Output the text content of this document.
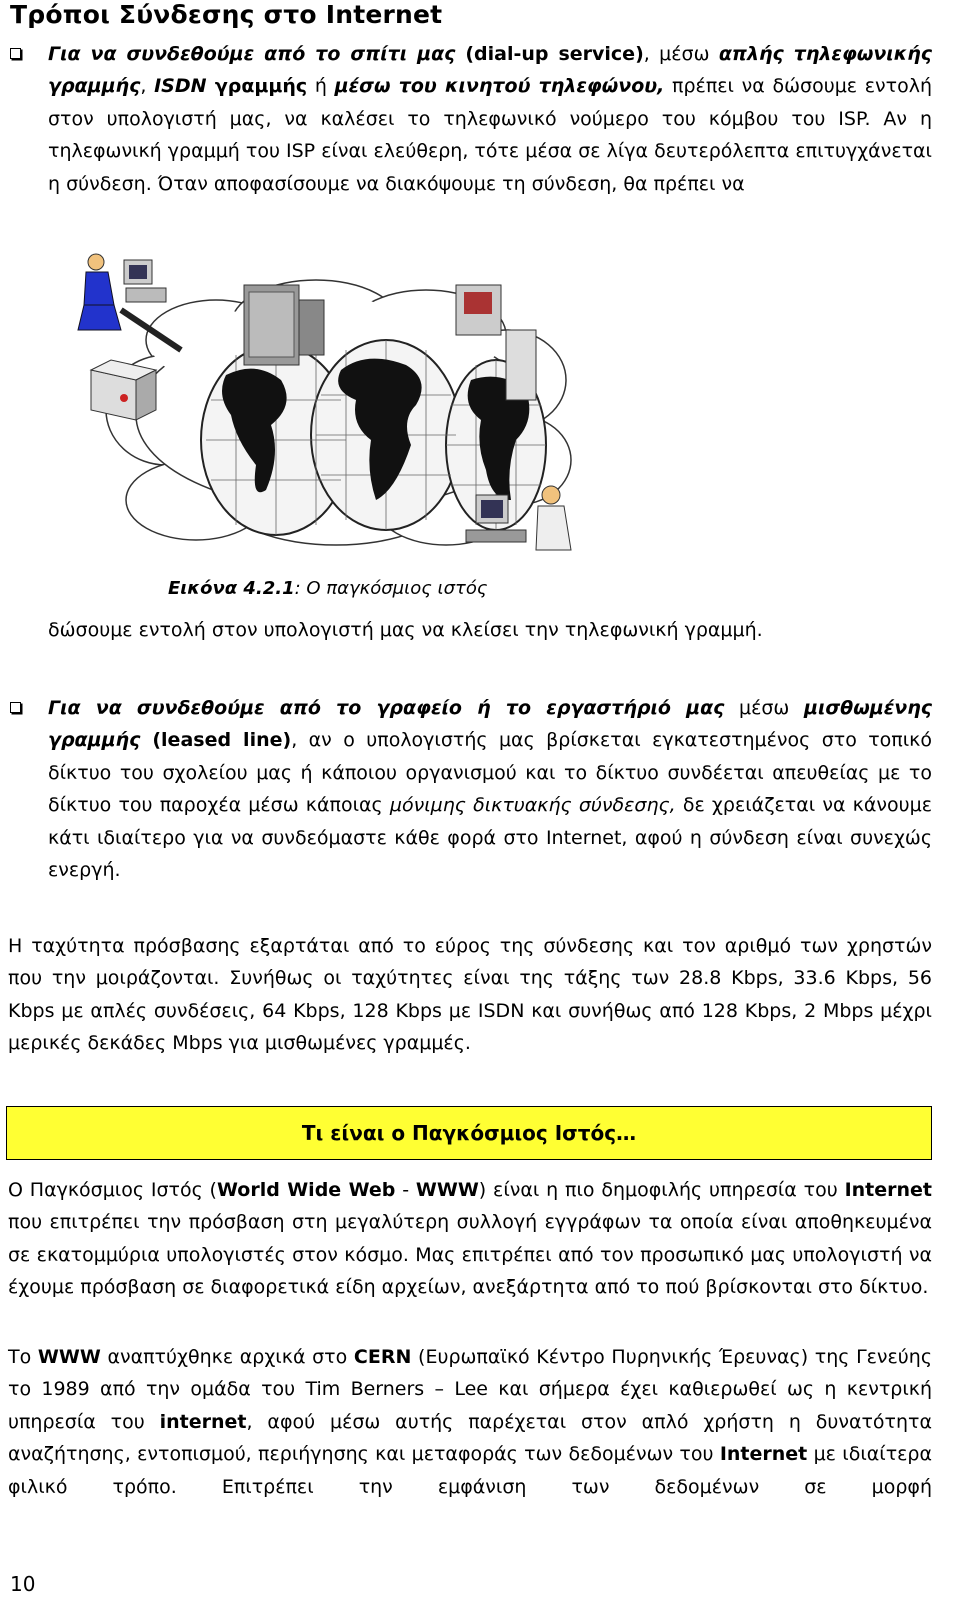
Τρόποι Σύνδεσης στο Internet

Για να συνδεθούμε από το σπίτι μας (dial-up service), μέσω απλής τηλεφωνικής γραμμής, ISDN γραμμής ή μέσω του κινητού τηλεφώνου, πρέπει να δώσουμε εντολή στον υπολογιστή μας, να καλέσει το τηλεφωνικό νούμερο του κόμβου του ISP. Αν η τηλεφωνική γραμμή του ISP είναι ελεύθερη, τότε μέσα σε λίγα δευτερόλεπτα επιτυγχάνεται η σύνδεση. Όταν αποφασίσουμε να διακόψουμε τη σύνδεση, θα πρέπει να

Εικόνα 4.2.1: Ο παγκόσμιος ιστός

δώσουμε εντολή στον υπολογιστή μας να κλείσει την τηλεφωνική γραμμή.

Για να συνδεθούμε από το γραφείο ή το εργαστήριό μας μέσω μισθωμένης γραμμής (leased line), αν ο υπολογιστής μας βρίσκεται εγκατεστημένος στο τοπικό δίκτυο του σχολείου μας ή κάποιου οργανισμού και το δίκτυο συνδέεται απευθείας με το δίκτυο του παροχέα μέσω κάποιας μόνιμης δικτυακής σύνδεσης, δε χρειάζεται να κάνουμε κάτι ιδιαίτερο για να συνδεόμαστε κάθε φορά στο Internet, αφού η σύνδεση είναι συνεχώς ενεργή.

Η ταχύτητα πρόσβασης εξαρτάται από το εύρος της σύνδεσης και τον αριθμό των χρηστών που την μοιράζονται. Συνήθως οι ταχύτητες είναι της τάξης των 28.8 Kbps, 33.6 Kbps, 56 Kbps με απλές συνδέσεις, 64 Kbps, 128 Kbps με ISDN και συνήθως από 128 Kbps, 2 Mbps μέχρι μερικές δεκάδες Mbps για μισθωμένες γραμμές.

Τι είναι ο Παγκόσμιος Ιστός…

Ο Παγκόσμιος Ιστός (World Wide Web - WWW) είναι η πιο δημοφιλής υπηρεσία του Internet που επιτρέπει την πρόσβαση στη μεγαλύτερη συλλογή εγγράφων τα οποία είναι αποθηκευμένα σε εκατομμύρια υπολογιστές στον κόσμο. Μας επιτρέπει από τον προσωπικό μας υπολογιστή να έχουμε πρόσβαση σε διαφορετικά είδη αρχείων, ανεξάρτητα από το πού βρίσκονται στο δίκτυο.

Το WWW αναπτύχθηκε αρχικά στο CERN (Ευρωπαϊκό Κέντρο Πυρηνικής Έρευνας) της Γενεύης το 1989 από την ομάδα του Tim Berners – Lee και σήμερα έχει καθιερωθεί ως η κεντρική υπηρεσία του internet, αφού μέσω αυτής παρέχεται στον απλό χρήστη η δυνατότητα αναζήτησης, εντοπισμού, περιήγησης και μεταφοράς των δεδομένων του Internet με ιδιαίτερα φιλικό τρόπο. Επιτρέπει την εμφάνιση των δεδομένων σε μορφή

10
